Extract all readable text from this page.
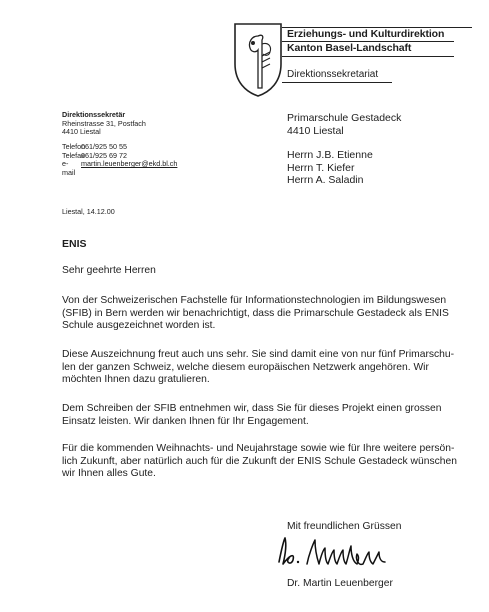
Erziehungs- und Kulturdirektion
Kanton Basel-Landschaft
Direktionssekretariat
Direktionssekretär
Rheinstrasse 31, Postfach
4410 Liestal
Telefon
061/925 50 55
Telefax
061/925 69 72
e-mail
martin.leuenberger@ekd.bl.ch
Liestal, 14.12.00
Primarschule Gestadeck
4410 Liestal
Herrn J.B. Etienne
Herrn T. Kiefer
Herrn A. Saladin
ENIS
Sehr geehrte Herren
Von der Schweizerischen Fachstelle für Informationstechnologien im Bildungswesen
(SFIB) in Bern werden wir benachrichtigt, dass die Primarschule Gestadeck als ENIS
Schule ausgezeichnet worden ist.
Diese Auszeichnung freut auch uns sehr. Sie sind damit eine von nur fünf Primarschu-
len der ganzen Schweiz, welche diesem europäischen Netzwerk angehören. Wir
möchten Ihnen dazu gratulieren.
Dem Schreiben der SFIB entnehmen wir, dass Sie für dieses Projekt einen grossen
Einsatz leisten. Wir danken Ihnen für Ihr Engagement.
Für die kommenden Weihnachts- und Neujahrstage sowie wie für Ihre weitere persön-
lich Zukunft, aber natürlich auch für die Zukunft der ENIS Schule Gestadeck wünschen
wir Ihnen alles Gute.
Mit freundlichen Grüssen
Dr. Martin Leuenberger
